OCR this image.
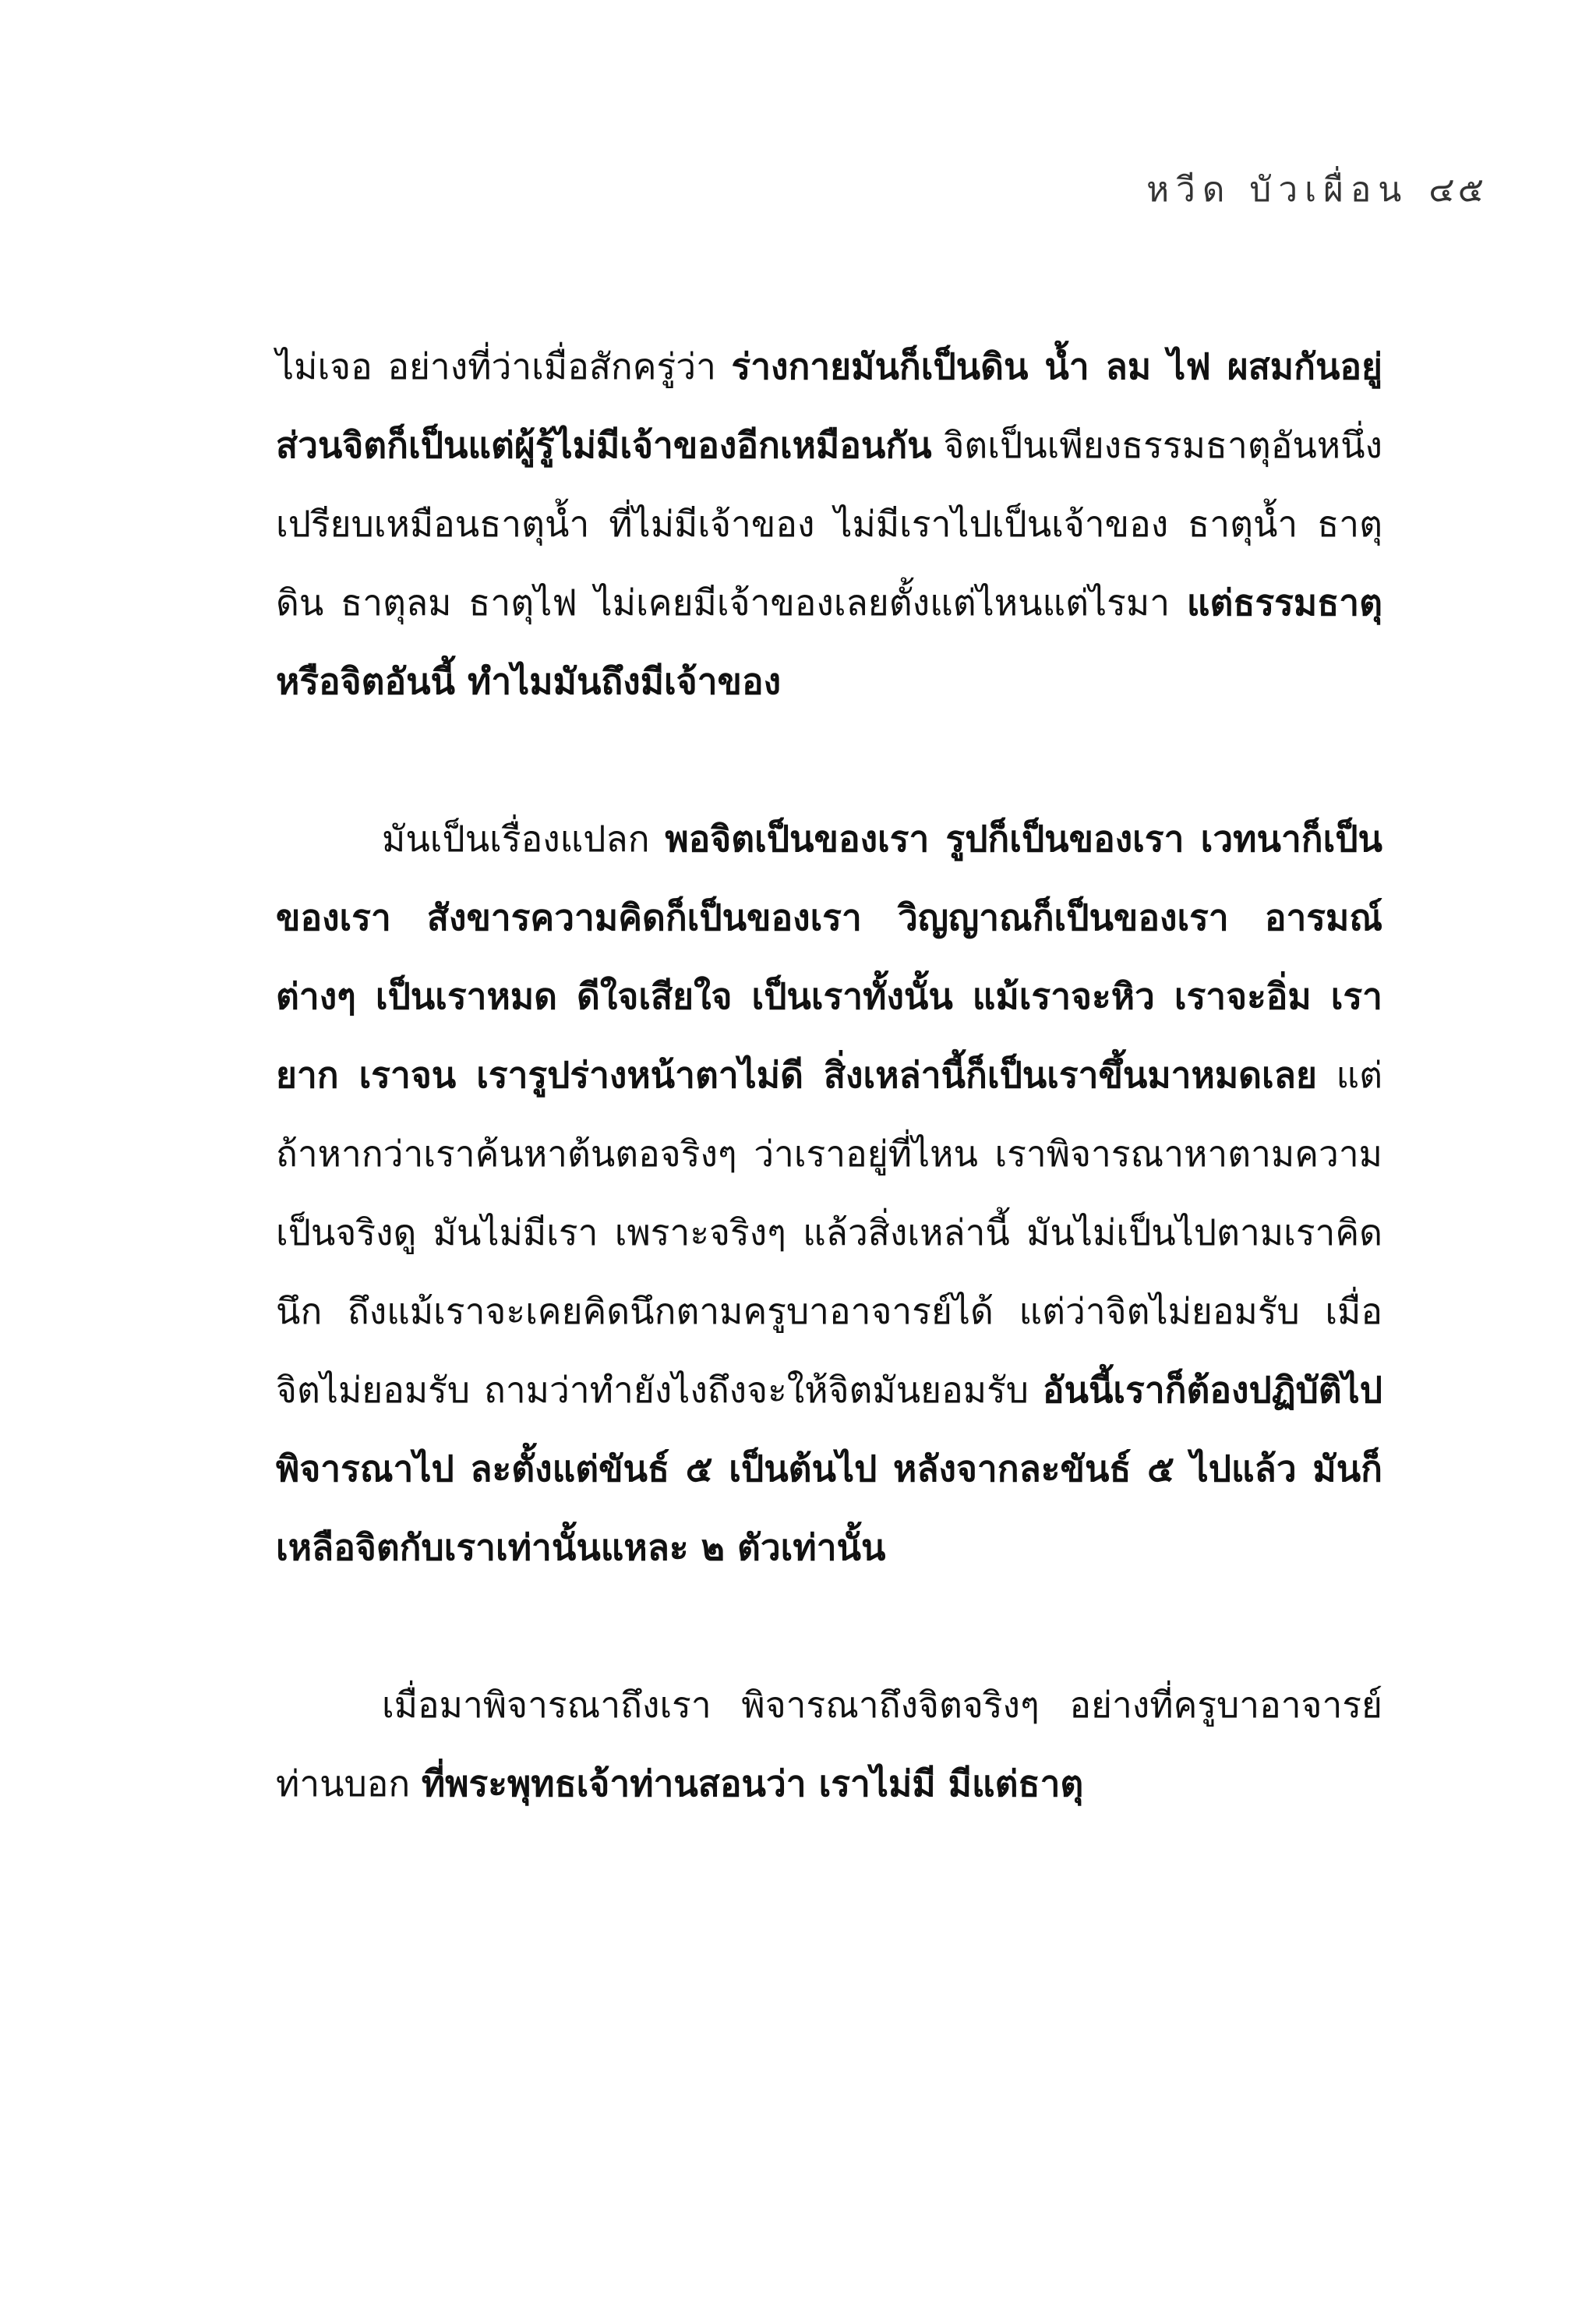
หวีด บัวเผื่อน ๔๕

ไม่เจอ อย่างที่ว่าเมื่อสักครู่ว่า ร่างกายมันก็เป็นดิน น้ำ ลม ไฟ ผสมกันอยู่ ส่วนจิตก็เป็นแต่ผู้รู้ไม่มีเจ้าของอีกเหมือนกัน จิตเป็นเพียงธรรมธาตุอันหนึ่ง เปรียบเหมือนธาตุน้ำ ที่ไม่มีเจ้าของ ไม่มีเราไปเป็นเจ้าของ ธาตุน้ำ ธาตุดิน ธาตุลม ธาตุไฟ ไม่เคยมีเจ้าของเลยตั้งแต่ไหนแต่ไรมา แต่ธรรมธาตุหรือจิตอันนี้ ทำไมมันถึงมีเจ้าของ

มันเป็นเรื่องแปลก พอจิตเป็นของเรา รูปก็เป็นของเรา เวทนาก็เป็นของเรา สังขารความคิดก็เป็นของเรา วิญญาณก็เป็นของเรา อารมณ์ต่างๆ เป็นเราหมด ดีใจเสียใจ เป็นเราทั้งนั้น แม้เราจะหิว เราจะอิ่ม เรายาก เราจน เรารูปร่างหน้าตาไม่ดี สิ่งเหล่านี้ก็เป็นเราขึ้นมาหมดเลย แต่ถ้าหากว่าเราค้นหาต้นตอจริงๆ ว่าเราอยู่ที่ไหน เราพิจารณาหาตามความเป็นจริงดู มันไม่มีเรา เพราะจริงๆ แล้วสิ่งเหล่านี้ มันไม่เป็นไปตามเราคิดนึก ถึงแม้เราจะเคยคิดนึกตามครูบาอาจารย์ได้ แต่ว่าจิตไม่ยอมรับ เมื่อจิตไม่ยอมรับ ถามว่าทำยังไงถึงจะให้จิตมันยอมรับ อันนี้เราก็ต้องปฏิบัติไป พิจารณาไป ละตั้งแต่ขันธ์ ๕ เป็นต้นไป หลังจากละขันธ์ ๕ ไปแล้ว มันก็เหลือจิตกับเราเท่านั้นแหละ ๒ ตัวเท่านั้น

เมื่อมาพิจารณาถึงเรา พิจารณาถึงจิตจริงๆ อย่างที่ครูบาอาจารย์ท่านบอก ที่พระพุทธเจ้าท่านสอนว่า เราไม่มี มีแต่ธาตุ
